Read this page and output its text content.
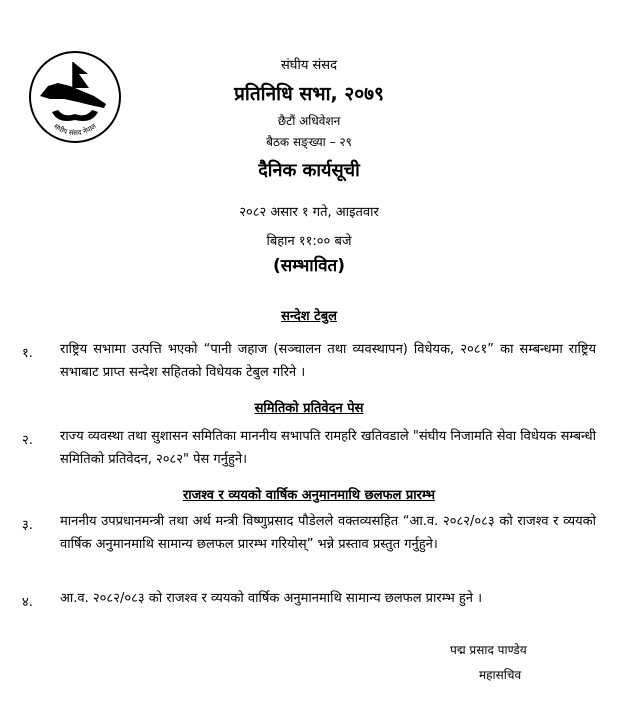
संघीय संसद नेपाल
संघीय संसद
प्रतिनिधि सभा, २०७९
छैटौं अधिवेशन
बैठक सङ्ख्या – २९
दैनिक कार्यसूची
२०८२ असार १ गते, आइतवार
बिहान ११:०० बजे
(सम्भावित)
सन्देश टेबुल
१. राष्ट्रिय सभामा उत्पत्ति भएको “पानी जहाज (सञ्चालन तथा व्यवस्थापन) विधेयक, २०८१” का सम्बन्धमा राष्ट्रिय सभाबाट प्राप्त सन्देश सहितको विधेयक टेबुल गरिने ।
समितिको प्रतिवेदन पेस
२. राज्य व्यवस्था तथा सुशासन समितिका माननीय सभापति रामहरि खतिवडाले "संघीय निजामति सेवा विधेयक सम्बन्धी समितिको प्रतिवेदन, २०८२" पेस गर्नुहुने।
राजश्व र व्ययको वार्षिक अनुमानमाथि छलफल प्रारम्भ
३. माननीय उपप्रधानमन्त्री तथा अर्थ मन्त्री विष्णुप्रसाद पौडेलले वक्तव्यसहित “आ.व. २०८२/०८३ को राजश्व र व्ययको वार्षिक अनुमानमाथि सामान्य छलफल प्रारम्भ गरियोस्” भन्ने प्रस्ताव प्रस्तुत गर्नुहुने।
४. आ.व. २०८२/०८३ को राजश्व र व्ययको वार्षिक अनुमानमाथि सामान्य छलफल प्रारम्भ हुने ।
पद्म प्रसाद पाण्डेय
महासचिव
